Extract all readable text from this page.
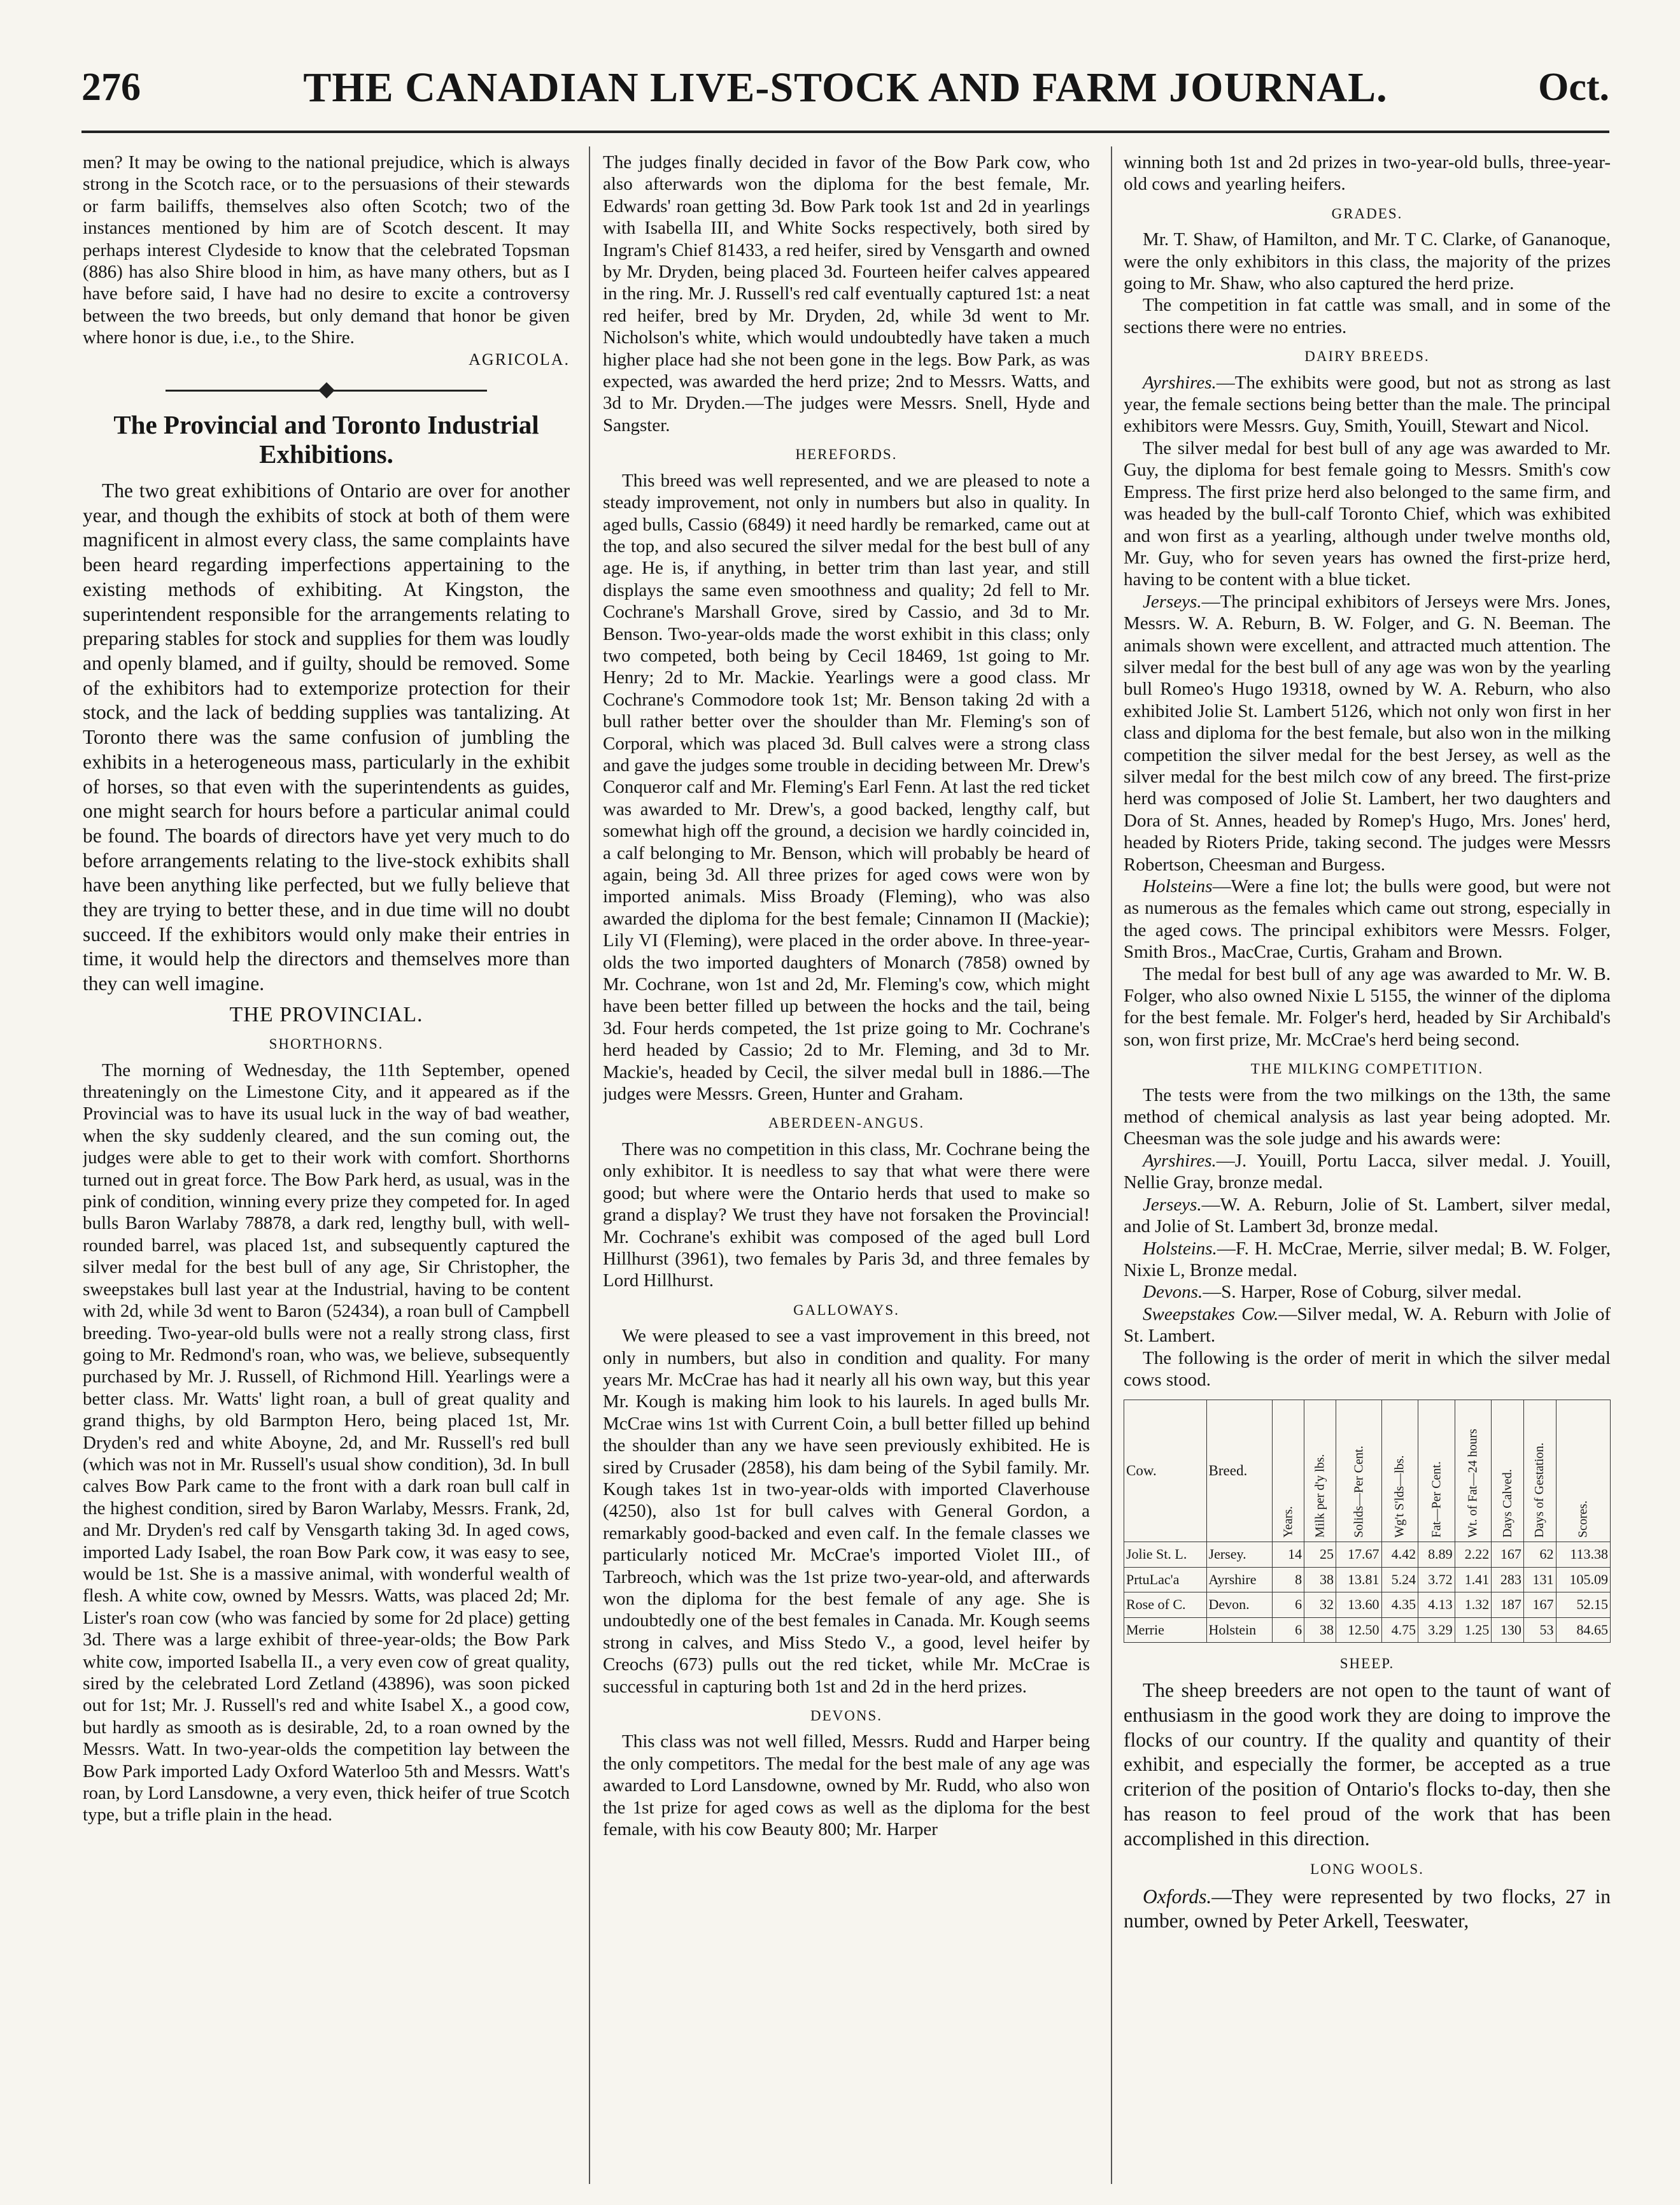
276	THE CANADIAN LIVE-STOCK AND FARM JOURNAL.	Oct.

men? It may be owing to the national prejudice, which is always strong in the Scotch race, or to the persuasions of their stewards or farm bailiffs, themselves also often Scotch; two of the instances mentioned by him are of Scotch descent. It may perhaps interest Clydeside to know that the celebrated Topsman (886) has also Shire blood in him, as have many others, but as I have before said, I have had no desire to excite a controversy between the two breeds, but only demand that honor be given where honor is due, i.e., to the Shire.

AGRICOLA.

The Provincial and Toronto Industrial Exhibitions.

The two great exhibitions of Ontario are over for another year, and though the exhibits of stock at both of them were magnificent in almost every class, the same complaints have been heard regarding imperfections appertaining to the existing methods of exhibiting. At Kingston, the superintendent responsible for the arrangements relating to preparing stables for stock and supplies for them was loudly and openly blamed, and if guilty, should be removed. Some of the exhibitors had to extemporize protection for their stock, and the lack of bedding supplies was tantalizing. At Toronto there was the same confusion of jumbling the exhibits in a heterogeneous mass, particularly in the exhibit of horses, so that even with the superintendents as guides, one might search for hours before a particular animal could be found. The boards of directors have yet very much to do before arrangements relating to the live-stock exhibits shall have been anything like perfected, but we fully believe that they are trying to better these, and in due time will no doubt succeed. If the exhibitors would only make their entries in time, it would help the directors and themselves more than they can well imagine.

THE PROVINCIAL.
SHORTHORNS.

The morning of Wednesday, the 11th September, opened threateningly on the Limestone City, and it appeared as if the Provincial was to have its usual luck in the way of bad weather, when the sky suddenly cleared, and the sun coming out, the judges were able to get to their work with comfort. Shorthorns turned out in great force. The Bow Park herd, as usual, was in the pink of condition, winning every prize they competed for. In aged bulls Baron Warlaby 78878, a dark red, lengthy bull, with well-rounded barrel, was placed 1st, and subsequently captured the silver medal for the best bull of any age, Sir Christopher, the sweepstakes bull last year at the Industrial, having to be content with 2d, while 3d went to Baron (52434), a roan bull of Campbell breeding. Two-year-old bulls were not a really strong class, first going to Mr. Redmond's roan, who was, we believe, subsequently purchased by Mr. J. Russell, of Richmond Hill. Yearlings were a better class. Mr. Watts' light roan, a bull of great quality and grand thighs, by old Barmpton Hero, being placed 1st, Mr. Dryden's red and white Aboyne, 2d, and Mr. Russell's red bull (which was not in Mr. Russell's usual show condition), 3d. In bull calves Bow Park came to the front with a dark roan bull calf in the highest condition, sired by Baron Warlaby, Messrs. Frank, 2d, and Mr. Dryden's red calf by Vensgarth taking 3d. In aged cows, imported Lady Isabel, the roan Bow Park cow, it was easy to see, would be 1st. She is a massive animal, with wonderful wealth of flesh. A white cow, owned by Messrs. Watts, was placed 2d; Mr. Lister's roan cow (who was fancied by some for 2d place) getting 3d. There was a large exhibit of three-year-olds; the Bow Park white cow, imported Isabella II., a very even cow of great quality, sired by the celebrated Lord Zetland (43896), was soon picked out for 1st; Mr. J. Russell's red and white Isabel X., a good cow, but hardly as smooth as is desirable, 2d, to a roan owned by the Messrs. Watt. In two-year-olds the competition lay between the Bow Park imported Lady Oxford Waterloo 5th and Messrs. Watt's roan, by Lord Lansdowne, a very even, thick heifer of true Scotch type, but a trifle plain in the head.

The judges finally decided in favor of the Bow Park cow, who also afterwards won the diploma for the best female, Mr. Edwards' roan getting 3d. Bow Park took 1st and 2d in yearlings with Isabella III, and White Socks respectively, both sired by Ingram's Chief 81433, a red heifer, sired by Vensgarth and owned by Mr. Dryden, being placed 3d. Fourteen heifer calves appeared in the ring. Mr. J. Russell's red calf eventually captured 1st: a neat red heifer, bred by Mr. Dryden, 2d, while 3d went to Mr. Nicholson's white, which would undoubtedly have taken a much higher place had she not been gone in the legs. Bow Park, as was expected, was awarded the herd prize; 2nd to Messrs. Watts, and 3d to Mr. Dryden.—The judges were Messrs. Snell, Hyde and Sangster.

HEREFORDS.

This breed was well represented, and we are pleased to note a steady improvement, not only in numbers but also in quality. In aged bulls, Cassio (6849) it need hardly be remarked, came out at the top, and also secured the silver medal for the best bull of any age. He is, if anything, in better trim than last year, and still displays the same even smoothness and quality; 2d fell to Mr. Cochrane's Marshall Grove, sired by Cassio, and 3d to Mr. Benson. Two-year-olds made the worst exhibit in this class; only two competed, both being by Cecil 18469, 1st going to Mr. Henry; 2d to Mr. Mackie. Yearlings were a good class. Mr Cochrane's Commodore took 1st; Mr. Benson taking 2d with a bull rather better over the shoulder than Mr. Fleming's son of Corporal, which was placed 3d. Bull calves were a strong class and gave the judges some trouble in deciding between Mr. Drew's Conqueror calf and Mr. Fleming's Earl Fenn. At last the red ticket was awarded to Mr. Drew's, a good backed, lengthy calf, but somewhat high off the ground, a decision we hardly coincided in, a calf belonging to Mr. Benson, which will probably be heard of again, being 3d. All three prizes for aged cows were won by imported animals. Miss Broady (Fleming), who was also awarded the diploma for the best female; Cinnamon II (Mackie); Lily VI (Fleming), were placed in the order above. In three-year-olds the two imported daughters of Monarch (7858) owned by Mr. Cochrane, won 1st and 2d, Mr. Fleming's cow, which might have been better filled up between the hocks and the tail, being 3d. Four herds competed, the 1st prize going to Mr. Cochrane's herd headed by Cassio; 2d to Mr. Fleming, and 3d to Mr. Mackie's, headed by Cecil, the silver medal bull in 1886.—The judges were Messrs. Green, Hunter and Graham.

ABERDEEN-ANGUS.

There was no competition in this class, Mr. Cochrane being the only exhibitor. It is needless to say that what were there were good; but where were the Ontario herds that used to make so grand a display? We trust they have not forsaken the Provincial! Mr. Cochrane's exhibit was composed of the aged bull Lord Hillhurst (3961), two females by Paris 3d, and three females by Lord Hillhurst.

GALLOWAYS.

We were pleased to see a vast improvement in this breed, not only in numbers, but also in condition and quality. For many years Mr. McCrae has had it nearly all his own way, but this year Mr. Kough is making him look to his laurels. In aged bulls Mr. McCrae wins 1st with Current Coin, a bull better filled up behind the shoulder than any we have seen previously exhibited. He is sired by Crusader (2858), his dam being of the Sybil family. Mr. Kough takes 1st in two-year-olds with imported Claverhouse (4250), also 1st for bull calves with General Gordon, a remarkably good-backed and even calf. In the female classes we particularly noticed Mr. McCrae's imported Violet III., of Tarbreoch, which was the 1st prize two-year-old, and afterwards won the diploma for the best female of any age. She is undoubtedly one of the best females in Canada. Mr. Kough seems strong in calves, and Miss Stedo V., a good, level heifer by Creochs (673) pulls out the red ticket, while Mr. McCrae is successful in capturing both 1st and 2d in the herd prizes.

DEVONS.

This class was not well filled, Messrs. Rudd and Harper being the only competitors. The medal for the best male of any age was awarded to Lord Lansdowne, owned by Mr. Rudd, who also won the 1st prize for aged cows as well as the diploma for the best female, with his cow Beauty 800; Mr. Harper

winning both 1st and 2d prizes in two-year-old bulls, three-year-old cows and yearling heifers.

GRADES.

Mr. T. Shaw, of Hamilton, and Mr. T C. Clarke, of Gananoque, were the only exhibitors in this class, the majority of the prizes going to Mr. Shaw, who also captured the herd prize.

The competition in fat cattle was small, and in some of the sections there were no entries.

DAIRY BREEDS.

Ayrshires.—The exhibits were good, but not as strong as last year, the female sections being better than the male. The principal exhibitors were Messrs. Guy, Smith, Youill, Stewart and Nicol.

The silver medal for best bull of any age was awarded to Mr. Guy, the diploma for best female going to Messrs. Smith's cow Empress. The first prize herd also belonged to the same firm, and was headed by the bull-calf Toronto Chief, which was exhibited and won first as a yearling, although under twelve months old, Mr. Guy, who for seven years has owned the first-prize herd, having to be content with a blue ticket.

Jerseys.—The principal exhibitors of Jerseys were Mrs. Jones, Messrs. W. A. Reburn, B. W. Folger, and G. N. Beeman. The animals shown were excellent, and attracted much attention. The silver medal for the best bull of any age was won by the yearling bull Romeo's Hugo 19318, owned by W. A. Reburn, who also exhibited Jolie St. Lambert 5126, which not only won first in her class and diploma for the best female, but also won in the milking competition the silver medal for the best Jersey, as well as the silver medal for the best milch cow of any breed. The first-prize herd was composed of Jolie St. Lambert, her two daughters and Dora of St. Annes, headed by Romep's Hugo, Mrs. Jones' herd, headed by Rioters Pride, taking second. The judges were Messrs Robertson, Cheesman and Burgess.

Holsteins—Were a fine lot; the bulls were good, but were not as numerous as the females which came out strong, especially in the aged cows. The principal exhibitors were Messrs. Folger, Smith Bros., MacCrae, Curtis, Graham and Brown.

The medal for best bull of any age was awarded to Mr. W. B. Folger, who also owned Nixie L 5155, the winner of the diploma for the best female. Mr. Folger's herd, headed by Sir Archibald's son, won first prize, Mr. McCrae's herd being second.

THE MILKING COMPETITION.

The tests were from the two milkings on the 13th, the same method of chemical analysis as last year being adopted. Mr. Cheesman was the sole judge and his awards were:

Ayrshires.—J. Youill, Portu Lacca, silver medal. J. Youill, Nellie Gray, bronze medal.

Jerseys.—W. A. Reburn, Jolie of St. Lambert, silver medal, and Jolie of St. Lambert 3d, bronze medal.

Holsteins.—F. H. McCrae, Merrie, silver medal; B. W. Folger, Nixie L, Bronze medal.

Devons.—S. Harper, Rose of Coburg, silver medal.

Sweepstakes Cow.—Silver medal, W. A. Reburn with Jolie of St. Lambert.

The following is the order of merit in which the silver medal cows stood.

Cow.	Breed.	Years.	Milk per d'y lbs.	Solids—Per Cent.	Wg't S'lds—lbs.	Fat—Per Cent.	Wt. of Fat—24 hours	Days Calved.	Days of Gestation.	Scores.
Jolie St. L.	Jersey.	14	25	17.67	4.42	8.89	2.22	167	62	113.38
PrtuLac'a	Ayrshire	8	38	13.81	5.24	3.72	1.41	283	131	105.09
Rose of C.	Devon.	6	32	13.60	4.35	4.13	1.32	187	167	52.15
Merrie	Holstein	6	38	12.50	4.75	3.29	1.25	130	53	84.65
SHEEP.

The sheep breeders are not open to the taunt of want of enthusiasm in the good work they are doing to improve the flocks of our country. If the quality and quantity of their exhibit, and especially the former, be accepted as a true criterion of the position of Ontario's flocks to-day, then she has reason to feel proud of the work that has been accomplished in this direction.

LONG WOOLS.

Oxfords.—They were represented by two flocks, 27 in number, owned by Peter Arkell, Teeswater,
